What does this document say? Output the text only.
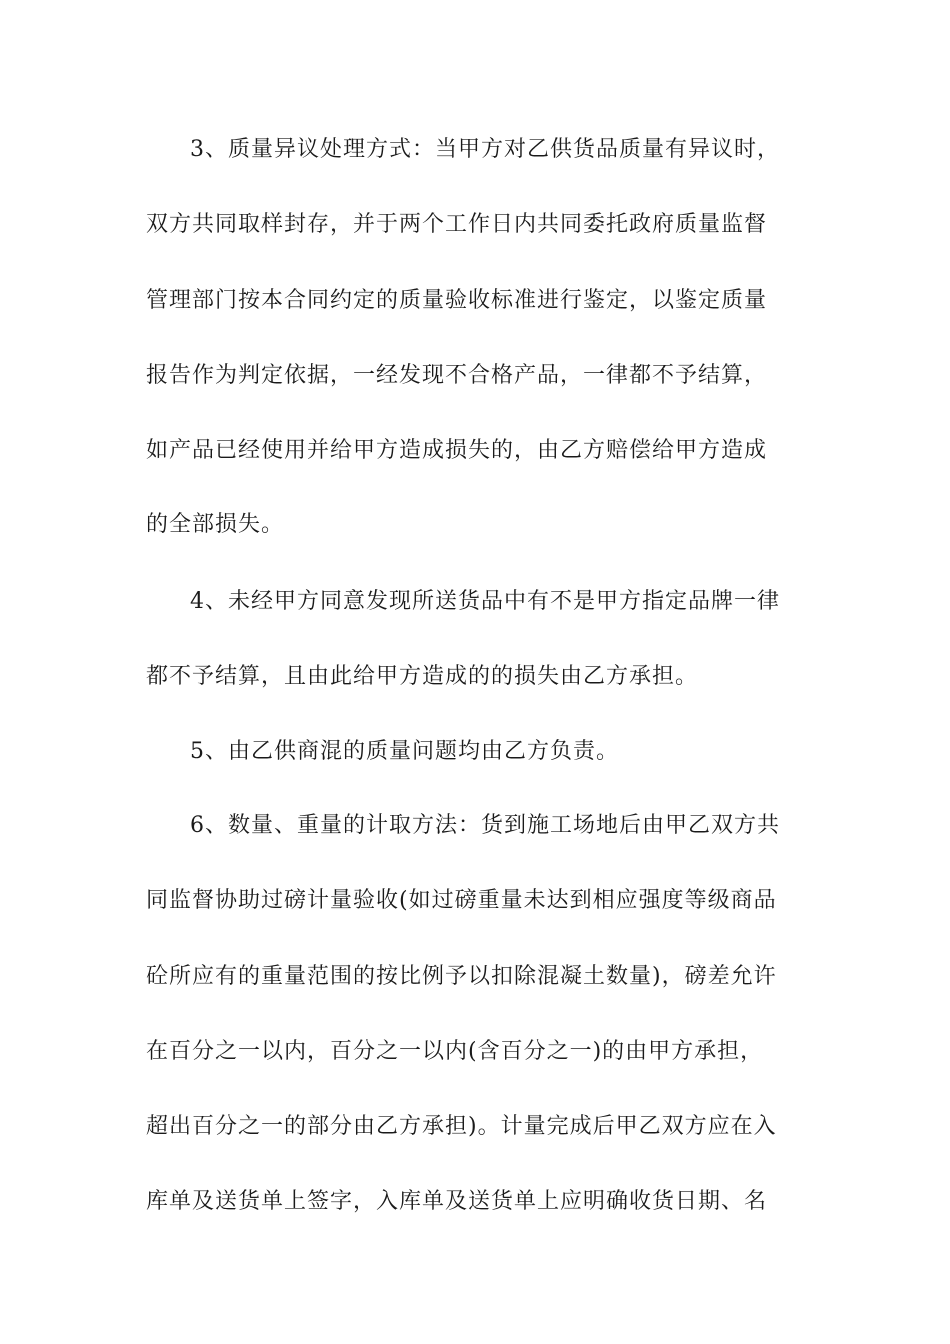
3、质量异议处理方式：当甲方对乙供货品质量有异议时，
双方共同取样封存，并于两个工作日内共同委托政府质量监督
管理部门按本合同约定的质量验收标准进行鉴定，以鉴定质量
报告作为判定依据，一经发现不合格产品，一律都不予结算，
如产品已经使用并给甲方造成损失的，由乙方赔偿给甲方造成
的全部损失。
4、未经甲方同意发现所送货品中有不是甲方指定品牌一律
都不予结算，且由此给甲方造成的的损失由乙方承担。
5、由乙供商混的质量问题均由乙方负责。
6、数量、重量的计取方法：货到施工场地后由甲乙双方共
同监督协助过磅计量验收(如过磅重量未达到相应强度等级商品
砼所应有的重量范围的按比例予以扣除混凝土数量)，磅差允许
在百分之一以内，百分之一以内(含百分之一)的由甲方承担，
超出百分之一的部分由乙方承担)。计量完成后甲乙双方应在入
库单及送货单上签字，入库单及送货单上应明确收货日期、名
